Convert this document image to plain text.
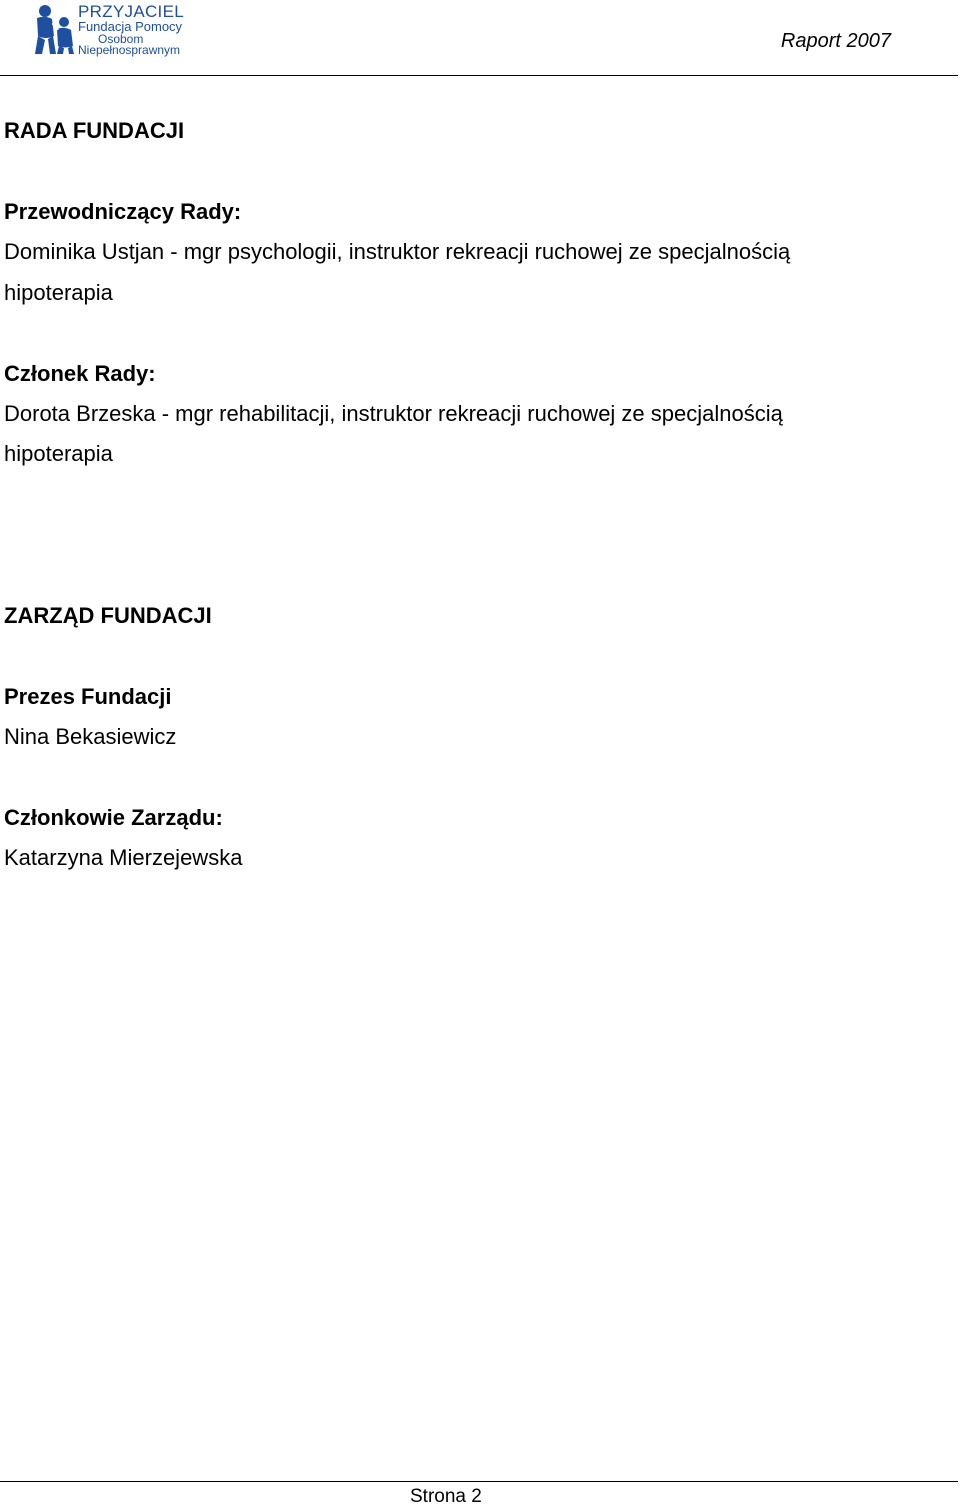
PRZYJACIEL
Fundacja Pomocy
Osobom
Niepełnosprawnym	Raport 2007
RADA FUNDACJI
Przewodniczący Rady:
Dominika Ustjan - mgr psychologii, instruktor rekreacji ruchowej ze specjalnością
hipoterapia
Członek Rady:
Dorota Brzeska - mgr rehabilitacji, instruktor rekreacji ruchowej ze specjalnością
hipoterapia
ZARZĄD FUNDACJI
Prezes Fundacji
Nina Bekasiewicz
Członkowie Zarządu:
Katarzyna Mierzejewska
Strona 2
